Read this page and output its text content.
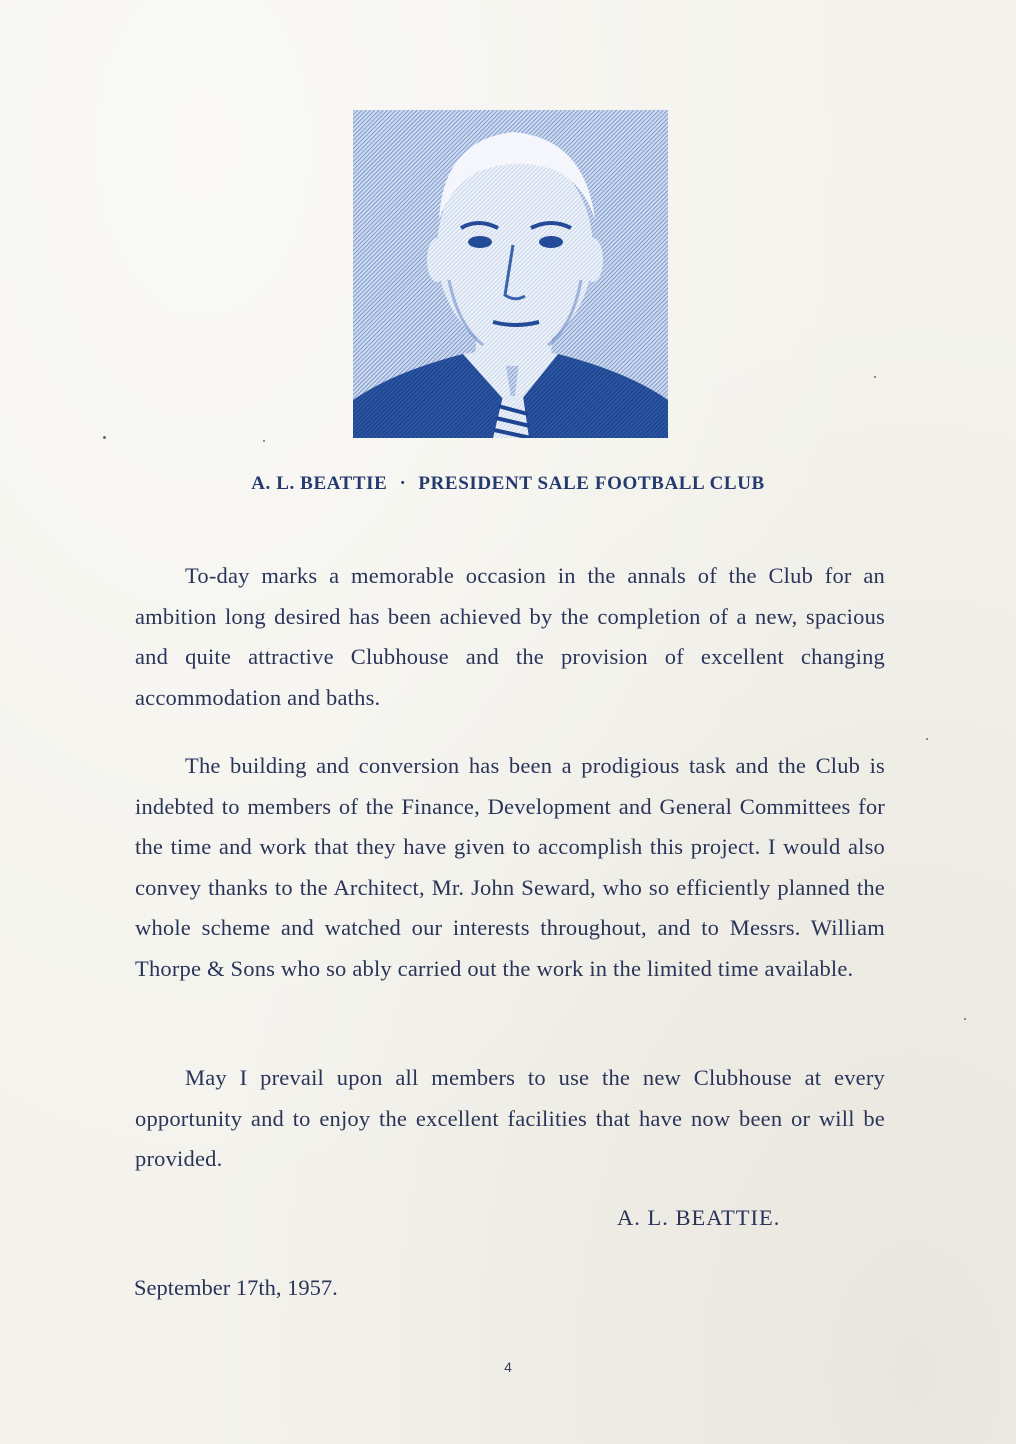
A. L. BEATTIE · PRESIDENT SALE FOOTBALL CLUB

To-day marks a memorable occasion in the annals of the Club for an ambition long desired has been achieved by the completion of a new, spacious and quite attractive Clubhouse and the provision of excellent changing accommodation and baths.

The building and conversion has been a prodigious task and the Club is indebted to members of the Finance, Development and General Committees for the time and work that they have given to accomplish this project. I would also convey thanks to the Architect, Mr. John Seward, who so efficiently planned the whole scheme and watched our interests throughout, and to Messrs. William Thorpe & Sons who so ably carried out the work in the limited time available.

May I prevail upon all members to use the new Clubhouse at every opportunity and to enjoy the excellent facilities that have now been or will be provided.

A. L. BEATTIE.
September 17th, 1957.
4
